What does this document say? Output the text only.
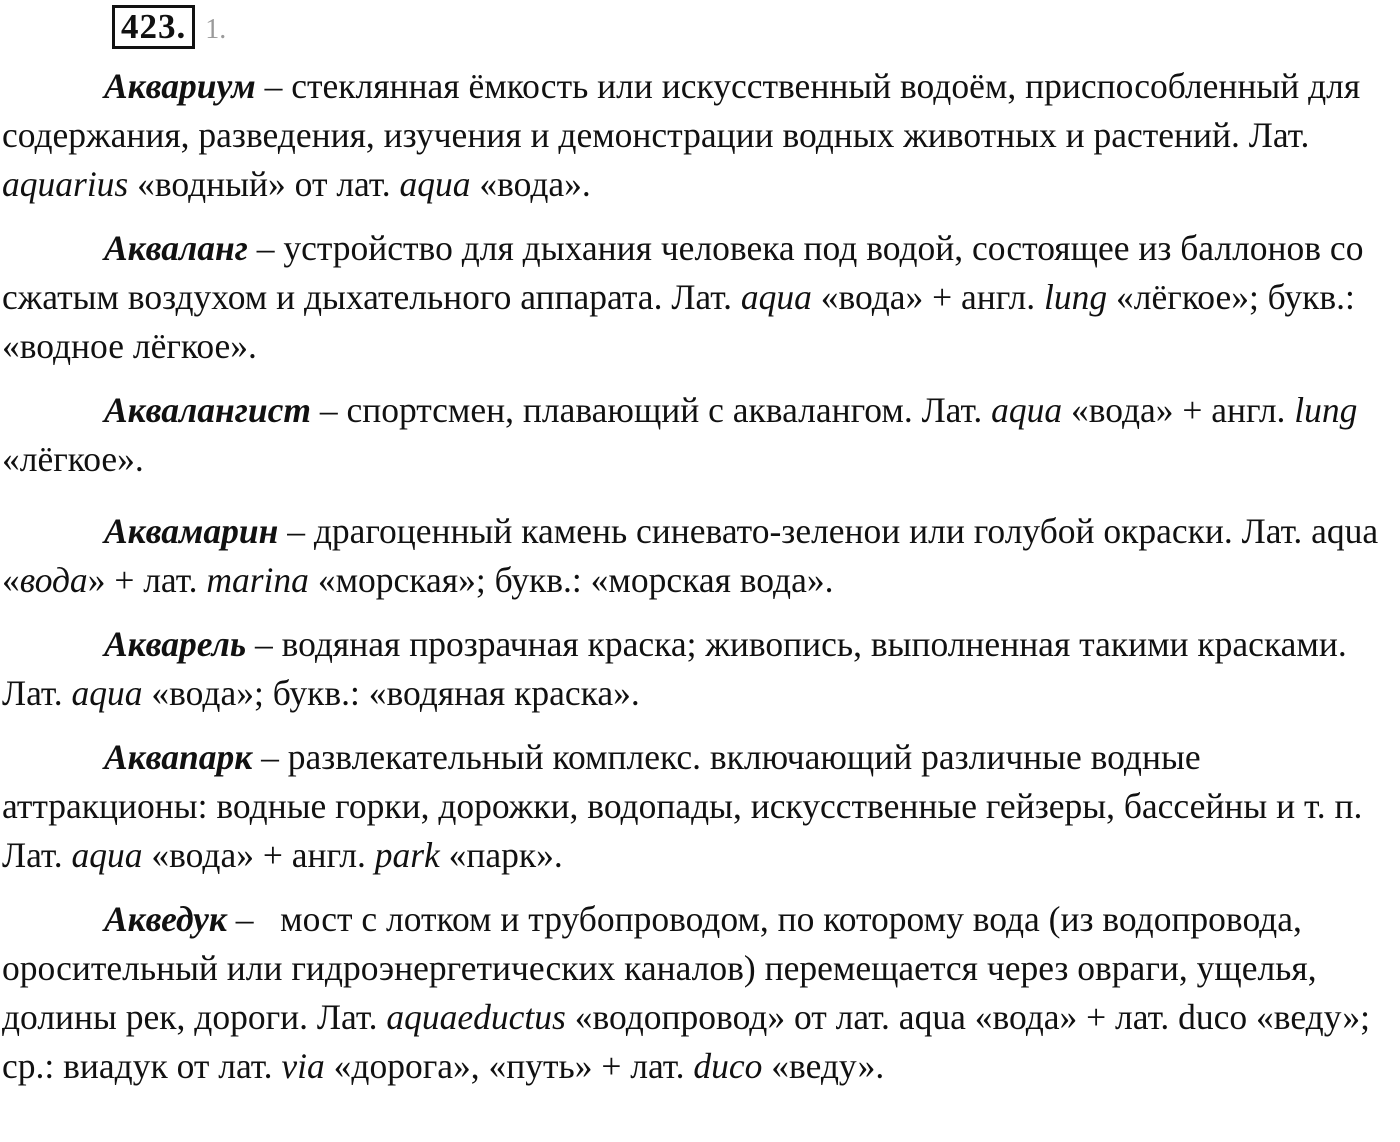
423. 1.

Аквариум – стеклянная ёмкость или искусственный водоём, приспособленный для содержания, разведения, изучения и демонстрации водных животных и растений. Лат. aquarius «водный» от лат. aqua «вода».

Акваланг – устройство для дыхания человека под водой, состоящее из баллонов со сжатым воздухом и дыхательного аппарата. Лат. aqua «вода» + англ. lung «лёгкое»; букв.: «водное лёгкое».

Аквалангист – спортсмен, плавающий с аквалангом. Лат. aqua «вода» + англ. lung «лёгкое».

Аквамарин – драгоценный камень синевато-зеленои или голубой окраски. Лат. aqua «вода» + лат. marina «морская»; букв.: «морская вода».

Акварель – водяная прозрачная краска; живопись, выполненная такими красками. Лат. aqua «вода»; букв.: «водяная краска».

Аквапарк – развлекательный комплекс. включающий различные водные аттракционы: водные горки, дорожки, водопады, искусственные гейзеры, бассейны и т. п. Лат. aqua «вода» + англ. park «парк».

Акведук –   мост с лотком и трубопроводом, по которому вода (из водопровода, оросительный или гидроэнергетических каналов) перемещается через овраги, ущелья, долины рек, дороги. Лат. aquaeductus «водопровод» от лат. aqua «вода» + лат. duco «веду»; ср.: виадук от лат. via «дорога», «путь» + лат. duco «веду».
